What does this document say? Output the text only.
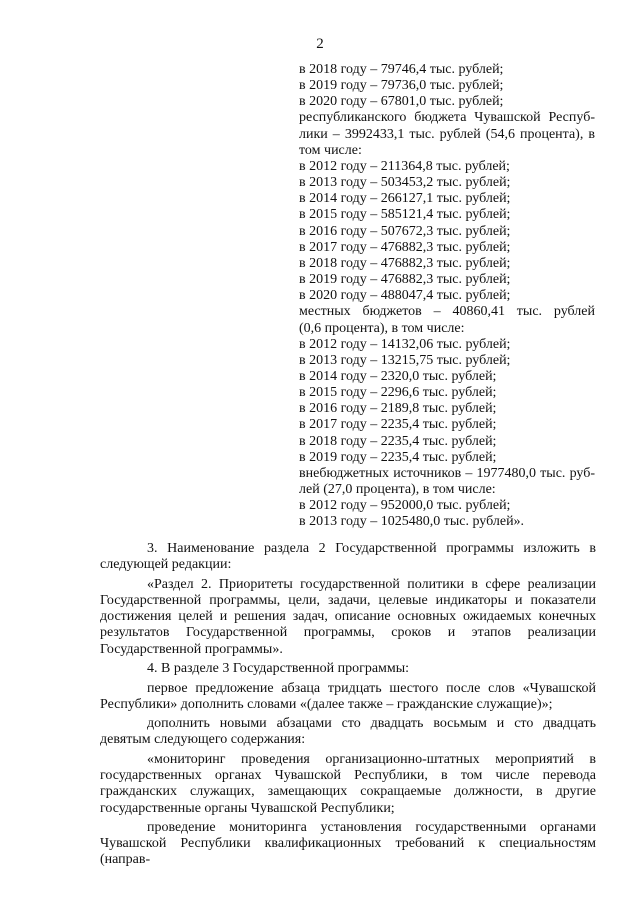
2
в 2018 году – 79746,4 тыс. рублей;
в 2019 году – 79736,0 тыс. рублей;
в 2020 году – 67801,0 тыс. рублей;
республиканского бюджета Чувашской Респуб-
лики – 3992433,1 тыс. рублей (54,6 процента), в
том числе:
в 2012 году – 211364,8 тыс. рублей;
в 2013 году – 503453,2 тыс. рублей;
в 2014 году – 266127,1 тыс. рублей;
в 2015 году – 585121,4 тыс. рублей;
в 2016 году – 507672,3 тыс. рублей;
в 2017 году – 476882,3 тыс. рублей;
в 2018 году – 476882,3 тыс. рублей;
в 2019 году – 476882,3 тыс. рублей;
в 2020 году – 488047,4 тыс. рублей;
местных бюджетов – 40860,41 тыс. рублей
(0,6 процента), в том числе:
в 2012 году – 14132,06 тыс. рублей;
в 2013 году – 13215,75 тыс. рублей;
в 2014 году – 2320,0 тыс. рублей;
в 2015 году – 2296,6 тыс. рублей;
в 2016 году – 2189,8 тыс. рублей;
в 2017 году – 2235,4 тыс. рублей;
в 2018 году – 2235,4 тыс. рублей;
в 2019 году – 2235,4 тыс. рублей;
внебюджетных источников – 1977480,0 тыс. руб-
лей (27,0 процента), в том числе:
в 2012 году – 952000,0 тыс. рублей;
в 2013 году – 1025480,0 тыс. рублей».

3. Наименование раздела 2 Государственной программы изложить в следующей редакции:

«Раздел 2. Приоритеты государственной политики в сфере реализации Государственной программы, цели, задачи, целевые индикаторы и показатели достижения целей и решения задач, описание основных ожидаемых конечных результатов Государственной программы, сроков и этапов реализации Государственной программы».

4. В разделе 3 Государственной программы:

первое предложение абзаца тридцать шестого после слов «Чувашской Республики» дополнить словами «(далее также – гражданские служащие)»;

дополнить новыми абзацами сто двадцать восьмым и сто двадцать девятым следующего содержания:

«мониторинг проведения организационно-штатных мероприятий в государственных органах Чувашской Республики, в том числе перевода гражданских служащих, замещающих сокращаемые должности, в другие государственные органы Чувашской Республики;

проведение мониторинга установления государственными органами Чувашской Республики квалификационных требований к специальностям (направ-
